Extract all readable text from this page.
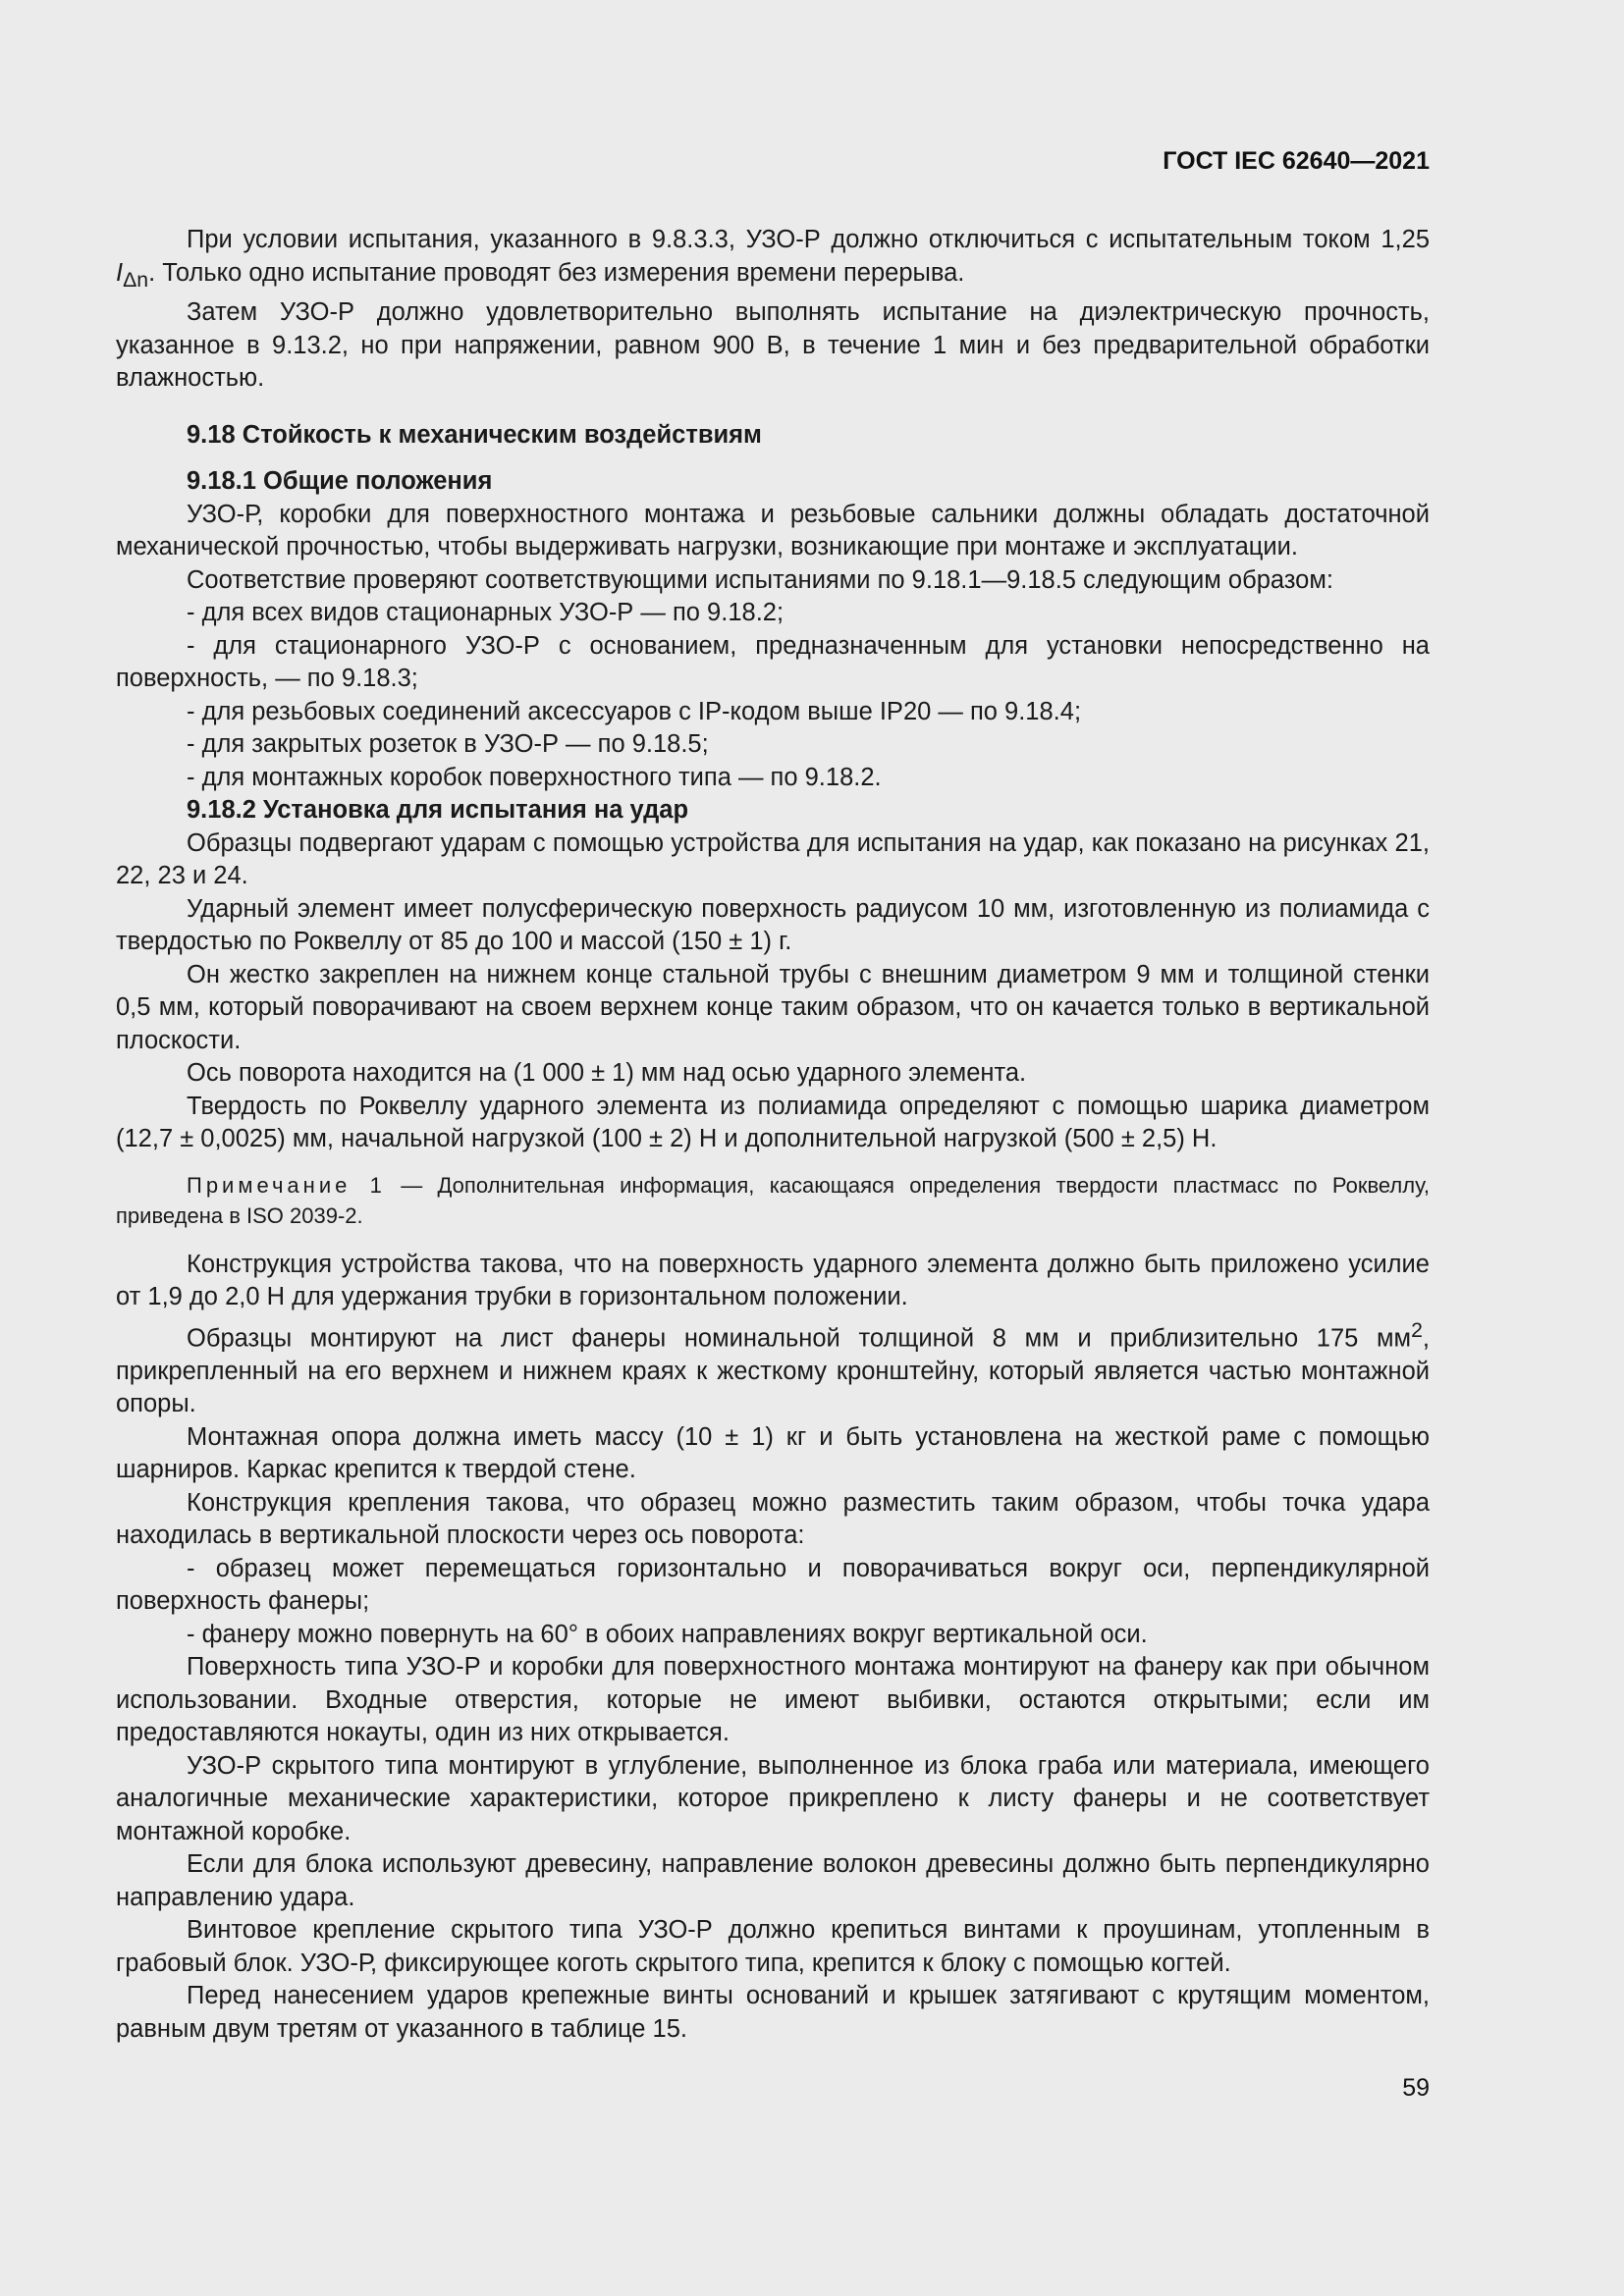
ГОСТ IEC 62640—2021

При условии испытания, указанного в 9.8.3.3, УЗО-Р должно отключиться с испытательным током 1,25 $I_{\Delta n}$. Только одно испытание проводят без измерения времени перерыва.

Затем УЗО-Р должно удовлетворительно выполнять испытание на диэлектрическую прочность, указанное в 9.13.2, но при напряжении, равном 900 В, в течение 1 мин и без предварительной обработки влажностью.

9.18 Стойкость к механическим воздействиям
9.18.1 Общие положения

УЗО-Р, коробки для поверхностного монтажа и резьбовые сальники должны обладать достаточной механической прочностью, чтобы выдерживать нагрузки, возникающие при монтаже и эксплуатации.

Соответствие проверяют соответствующими испытаниями по 9.18.1—9.18.5 следующим образом:

- для всех видов стационарных УЗО-Р — по 9.18.2;

- для стационарного УЗО-Р с основанием, предназначенным для установки непосредственно на поверхность, — по 9.18.3;

- для резьбовых соединений аксессуаров с IP-кодом выше IP20 — по 9.18.4;

- для закрытых розеток в УЗО-Р — по 9.18.5;

- для монтажных коробок поверхностного типа — по 9.18.2.

9.18.2 Установка для испытания на удар

Образцы подвергают ударам с помощью устройства для испытания на удар, как показано на рисунках 21, 22, 23 и 24.

Ударный элемент имеет полусферическую поверхность радиусом 10 мм, изготовленную из полиамида с твердостью по Роквеллу от 85 до 100 и массой (150 ± 1) г.

Он жестко закреплен на нижнем конце стальной трубы с внешним диаметром 9 мм и толщиной стенки 0,5 мм, который поворачивают на своем верхнем конце таким образом, что он качается только в вертикальной плоскости.

Ось поворота находится на (1 000 ± 1) мм над осью ударного элемента.

Твердость по Роквеллу ударного элемента из полиамида определяют с помощью шарика диаметром (12,7 ± 0,0025) мм, начальной нагрузкой (100 ± 2) Н и дополнительной нагрузкой (500 ± 2,5) Н.

Примечание 1 — Дополнительная информация, касающаяся определения твердости пластмасс по Роквеллу, приведена в ISO 2039-2.

Конструкция устройства такова, что на поверхность ударного элемента должно быть приложено усилие от 1,9 до 2,0 Н для удержания трубки в горизонтальном положении.

Образцы монтируют на лист фанеры номинальной толщиной 8 мм и приблизительно 175 $мм^2$, прикрепленный на его верхнем и нижнем краях к жесткому кронштейну, который является частью монтажной опоры.

Монтажная опора должна иметь массу (10 ± 1) кг и быть установлена на жесткой раме с помощью шарниров. Каркас крепится к твердой стене.

Конструкция крепления такова, что образец можно разместить таким образом, чтобы точка удара находилась в вертикальной плоскости через ось поворота:

- образец может перемещаться горизонтально и поворачиваться вокруг оси, перпендикулярной поверхность фанеры;

- фанеру можно повернуть на 60° в обоих направлениях вокруг вертикальной оси.

Поверхность типа УЗО-Р и коробки для поверхностного монтажа монтируют на фанеру как при обычном использовании. Входные отверстия, которые не имеют выбивки, остаются открытыми; если им предоставляются нокауты, один из них открывается.

УЗО-Р скрытого типа монтируют в углубление, выполненное из блока граба или материала, имеющего аналогичные механические характеристики, которое прикреплено к листу фанеры и не соответствует монтажной коробке.

Если для блока используют древесину, направление волокон древесины должно быть перпендикулярно направлению удара.

Винтовое крепление скрытого типа УЗО-Р должно крепиться винтами к проушинам, утопленным в грабовый блок. УЗО-Р, фиксирующее коготь скрытого типа, крепится к блоку с помощью когтей.

Перед нанесением ударов крепежные винты оснований и крышек затягивают с крутящим моментом, равным двум третям от указанного в таблице 15.

59
